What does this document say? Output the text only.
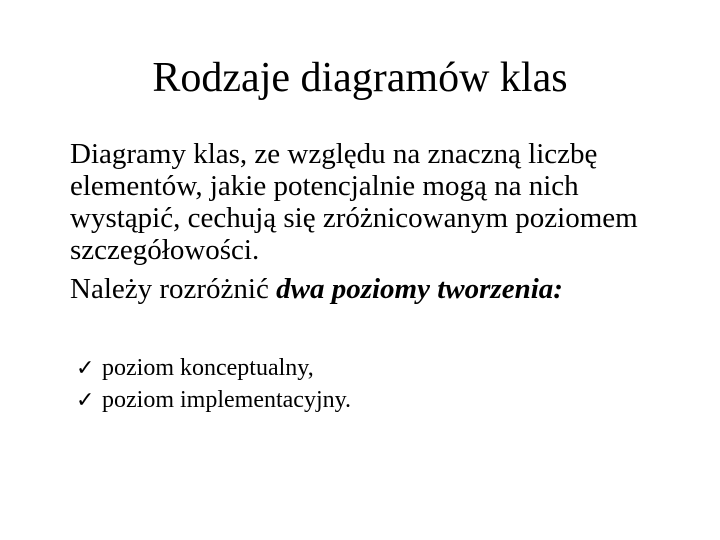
Rodzaje diagramów klas

Diagramy klas, ze względu na znaczną liczbę elementów, jakie potencjalnie mogą na nich wystąpić, cechują się zróżnicowanym poziomem szczegółowości.

Należy rozróżnić dwa poziomy tworzenia:

✓ poziom konceptualny,
✓ poziom implementacyjny.
